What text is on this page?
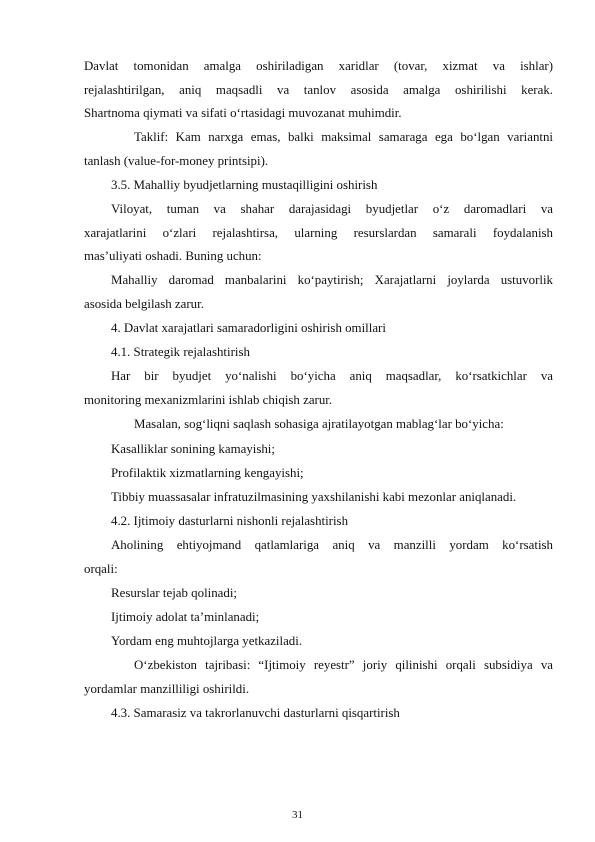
Davlat tomonidan amalga oshiriladigan xaridlar (tovar, xizmat va ishlar)
rejalashtirilgan, aniq maqsadli va tanlov asosida amalga oshirilishi kerak.
Shartnoma qiymati va sifati o‘rtasidagi muvozanat muhimdir.
Taklif: Kam narxga emas, balki maksimal samaraga ega bo‘lgan variantni
tanlash (value-for-money printsipi).
3.5. Mahalliy byudjetlarning mustaqilligini oshirish
Viloyat, tuman va shahar darajasidagi byudjetlar o‘z daromadlari va
xarajatlarini o‘zlari rejalashtirsa, ularning resurslardan samarali foydalanish
mas’uliyati oshadi. Buning uchun:
Mahalliy daromad manbalarini ko‘paytirish; Xarajatlarni joylarda ustuvorlik
asosida belgilash zarur.
4. Davlat xarajatlari samaradorligini oshirish omillari
4.1. Strategik rejalashtirish
Har bir byudjet yo‘nalishi bo‘yicha aniq maqsadlar, ko‘rsatkichlar va
monitoring mexanizmlarini ishlab chiqish zarur.
Masalan, sog‘liqni saqlash sohasiga ajratilayotgan mablag‘lar bo‘yicha:
Kasalliklar sonining kamayishi;
Profilaktik xizmatlarning kengayishi;
Tibbiy muassasalar infratuzilmasining yaxshilanishi kabi mezonlar aniqlanadi.
4.2. Ijtimoiy dasturlarni nishonli rejalashtirish
Aholining ehtiyojmand qatlamlariga aniq va manzilli yordam ko‘rsatish
orqali:
Resurslar tejab qolinadi;
Ijtimoiy adolat ta’minlanadi;
Yordam eng muhtojlarga yetkaziladi.
O‘zbekiston tajribasi: “Ijtimoiy reyestr” joriy qilinishi orqali subsidiya va
yordamlar manzilliligi oshirildi.
4.3. Samarasiz va takrorlanuvchi dasturlarni qisqartirish
31
